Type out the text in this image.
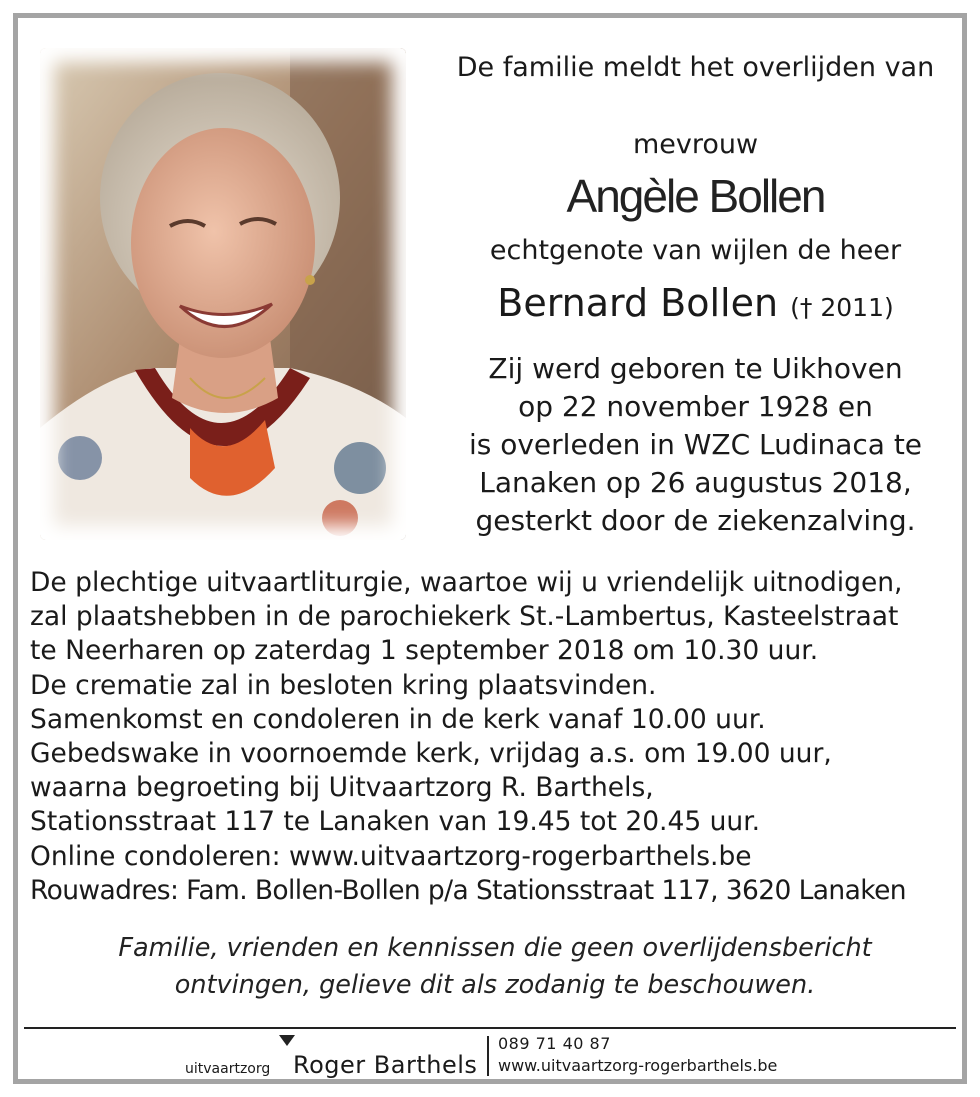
De familie meldt het overlijden van
mevrouw
Angèle Bollen
echtgenote van wijlen de heer
Bernard Bollen († 2011)
Zij werd geboren te Uikhoven
op 22 november 1928 en
is overleden in WZC Ludinaca te
Lanaken op 26 augustus 2018,
gesterkt door de ziekenzalving.
De plechtige uitvaartliturgie, waartoe wij u vriendelijk uitnodigen,
zal plaatshebben in de parochiekerk St.-Lambertus, Kasteelstraat
te Neerharen op zaterdag 1 september 2018 om 10.30 uur.
De crematie zal in besloten kring plaatsvinden.
Samenkomst en condoleren in de kerk vanaf 10.00 uur.
Gebedswake in voornoemde kerk, vrijdag a.s. om 19.00 uur,
waarna begroeting bij Uitvaartzorg R. Barthels,
Stationsstraat 117 te Lanaken van 19.45 tot 20.45 uur.
Online condoleren: www.uitvaartzorg-rogerbarthels.be
Rouwadres: Fam. Bollen-Bollen p/a Stationsstraat 117, 3620 Lanaken
Familie, vrienden en kennissen die geen overlijdensbericht
ontvingen, gelieve dit als zodanig te beschouwen.
uitvaartzorg Roger Barthels
089 71 40 87
www.uitvaartzorg-rogerbarthels.be
